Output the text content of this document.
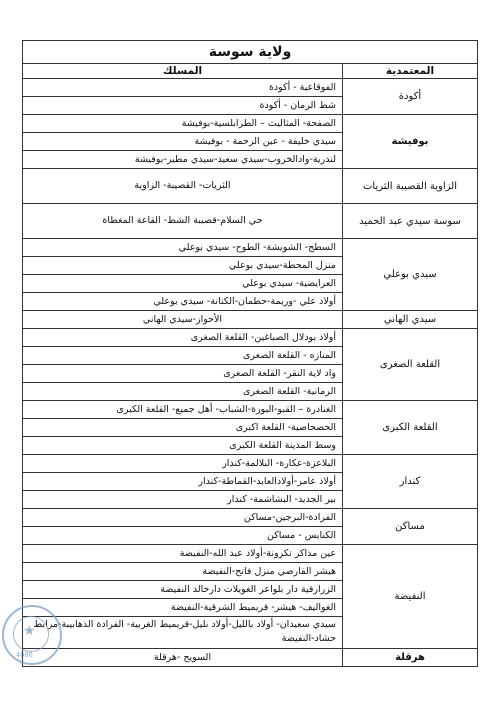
ولاية سوسة	
المعتمدية	المسلك
أكودة	الفوقاعية - أكودة
شط الرمان - أكودة

بوفيشة	الصفحة- المثاليث – الطرابلسية-بوفيشة
سيدي خليفة - عين الرحمة - بوفيشة
لندرية-وادالخروب-سيدي سعيد-سيدي مطير-بوفيشة

الزاوية القصيبة الثريات	الثريات- القصيبة- الزاوية

سوسة سيدي عبد الحميد	حي السلام-قصيبة الشط- القاعة المغطاة

سيدي بوعلي	السطح- الشويشة- الطوح- سيدي بوعلي
منزل المحطة-سيدي بوعلي
العرايضية- سيدي بوعلي
أولاد علي -وريمة-حطمان-الكنانة- سيدي بوعلي

سيدي الهاني	الأحواز-سيدي الهاني

القلعة الصغرى	أولاد بودلال الصباغين- القلعة الصغرى
المنازه - القلعة الصغرى
واد لاية النقر- القلعة الصغرى
الرمانية- القلعة الصغرى

القلعة الكبرى	الغنادرة – القبو-البورة-الشباب- أهل جميع- القلعة الكبرى
الحصحاصية- القلعة اكبرى
وسط المدينة القلعة الكبرى

كندار	البلاعزة-عكارة- البلالمة-كندار
أولاد عامر-أولادالعابد-القماطة-كندار
بير الجديد- البشاشمة- كندار

مساكن	الفرادة-البرجين-مساكن
الكنايس - مساكن

النفيضة	عين مذاكر تكرونة-أولاد عبد الله-النفيضة
هيشر القارصي منزل فاتح-النفيضة
الزرارقية دار بلواعر الغويلات دارخالد النفيضة
الغواليف- هيشر- قريميط الشرقية-النفيضة
سيدي سعيدان- أولاد بالليل-أولاد نليل-قريميط الغربية- الفرادة الذهابيبة-مرابط حشاد-النفيضة

هرقلة	السويح -هرقلة
★
4006
